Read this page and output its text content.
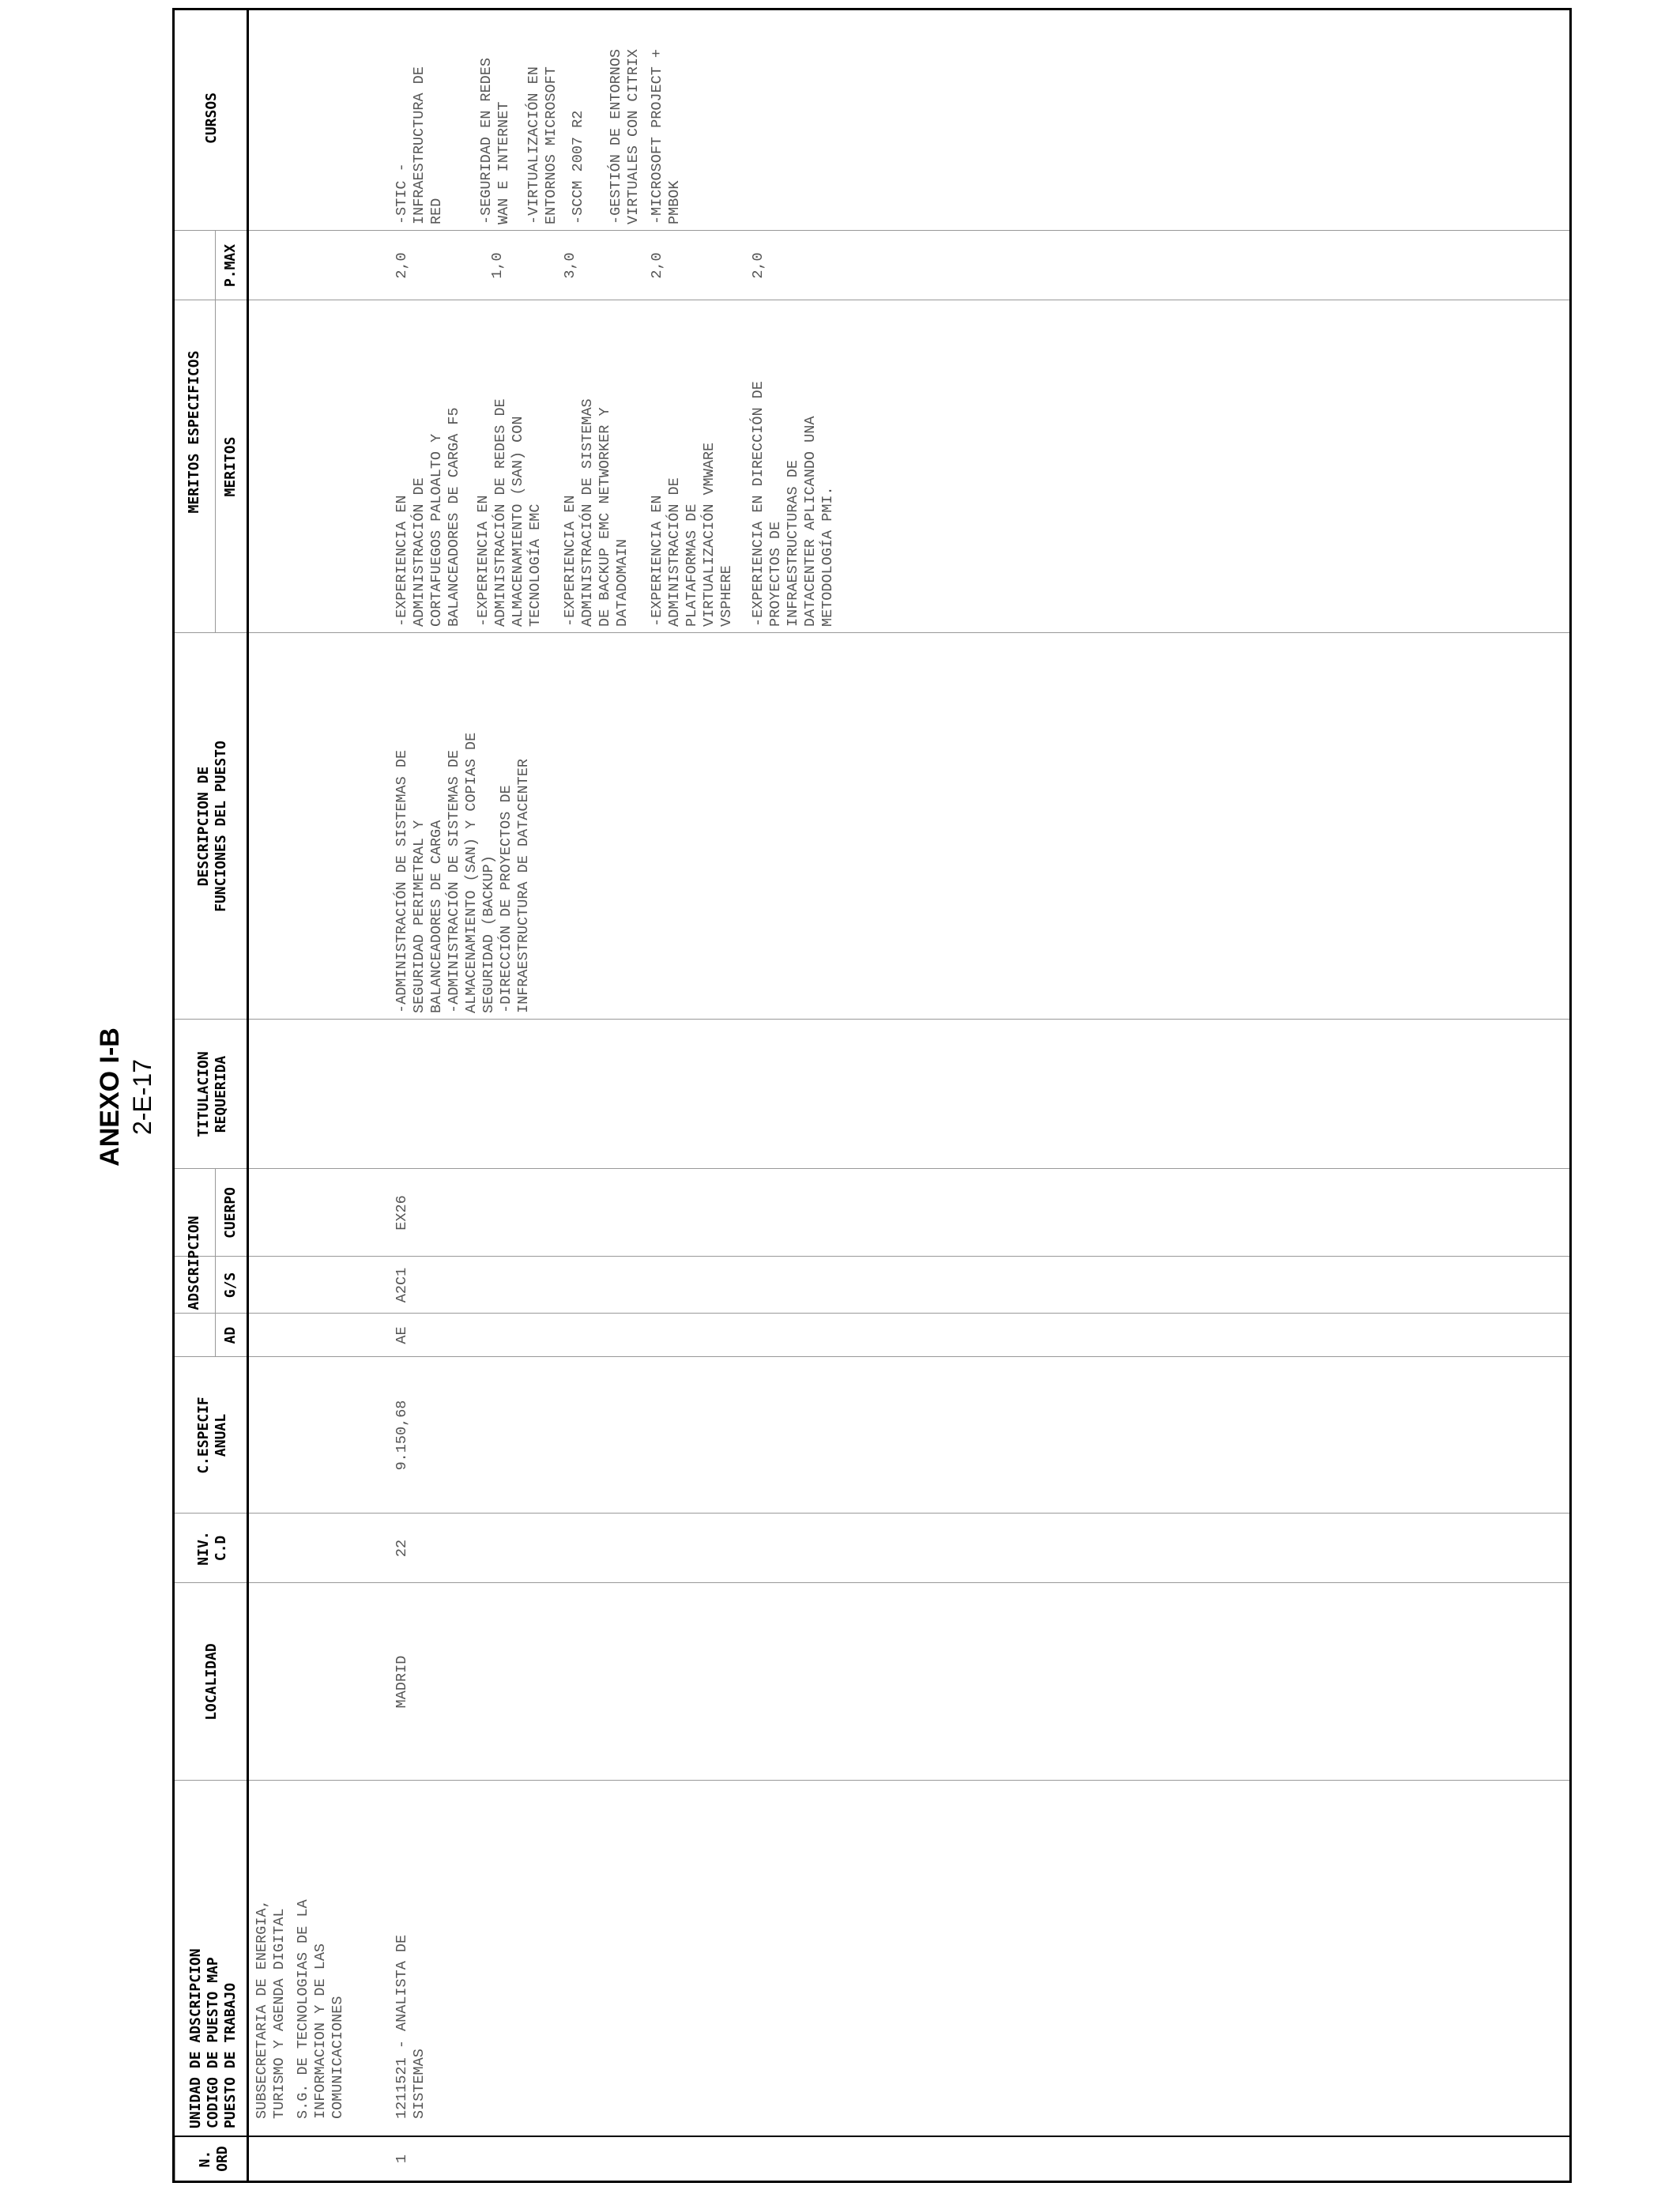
ANEXO I-B 2-E-17
N. ORD
UNIDAD DE ADSCRIPCION CODIGO DE PUESTO MAP PUESTO DE TRABAJO
LOCALIDAD
NIV. C.D
C.ESPECIF ANUAL
ADSCRIPCION
AD
G/S
CUERPO
TITULACION REQUERIDA
DESCRIPCION DE FUNCIONES DEL PUESTO
MERITOS ESPECIFICOS MERITOS
P.MAX
CURSOS
SUBSECRETARIA DE ENERGIA,
TURISMO Y AGENDA DIGITAL
S.G. DE TECNOLOGIAS DE LA
INFORMACION Y DE LAS
COMUNICACIONES
1
1211521 - ANALISTA DE
SISTEMAS
MADRID
22
9.150,68
AE
A2C1
EX26
-ADMINISTRACIÓN DE SISTEMAS DE
SEGURIDAD PERIMETRAL Y
BALANCEADORES DE CARGA
-ADMINISTRACIÓN DE SISTEMAS DE
ALMACENAMIENTO (SAN) Y COPIAS DE
SEGURIDAD (BACKUP)
-DIRECCIÓN DE PROYECTOS DE
INFRAESTRUCTURA DE DATACENTER
-EXPERIENCIA EN
ADMINISTRACIÓN DE
CORTAFUEGOS PALOALTO Y
BALANCEADORES DE CARGA F5
2,0
-EXPERIENCIA EN
ADMINISTRACIÓN DE REDES DE
ALMACENAMIENTO (SAN) CON
TECNOLOGÍA EMC
1,0
-EXPERIENCIA EN
ADMINISTRACIÓN DE SISTEMAS
DE BACKUP EMC NETWORKER Y
DATADOMAIN
3,0
-EXPERIENCIA EN
ADMINISTRACIÓN DE
PLATAFORMAS DE
VIRTUALIZACIÓN VMWARE
VSPHERE
2,0
-EXPERIENCIA EN DIRECCIÓN DE
PROYECTOS DE
INFRAESTRUCTURAS DE
DATACENTER APLICANDO UNA
METODOLOGÍA PMI.
2,0
-STIC -
INFRAESTRUCTURA DE
RED -SEGURIDAD EN REDES
WAN E INTERNET -VIRTUALIZACIÓN EN
ENTORNOS MICROSOFT
-SCCM 2007 R2 -GESTIÓN DE ENTORNOS
VIRTUALES CON CITRIX
-MICROSOFT PROJECT +
PMBOK
